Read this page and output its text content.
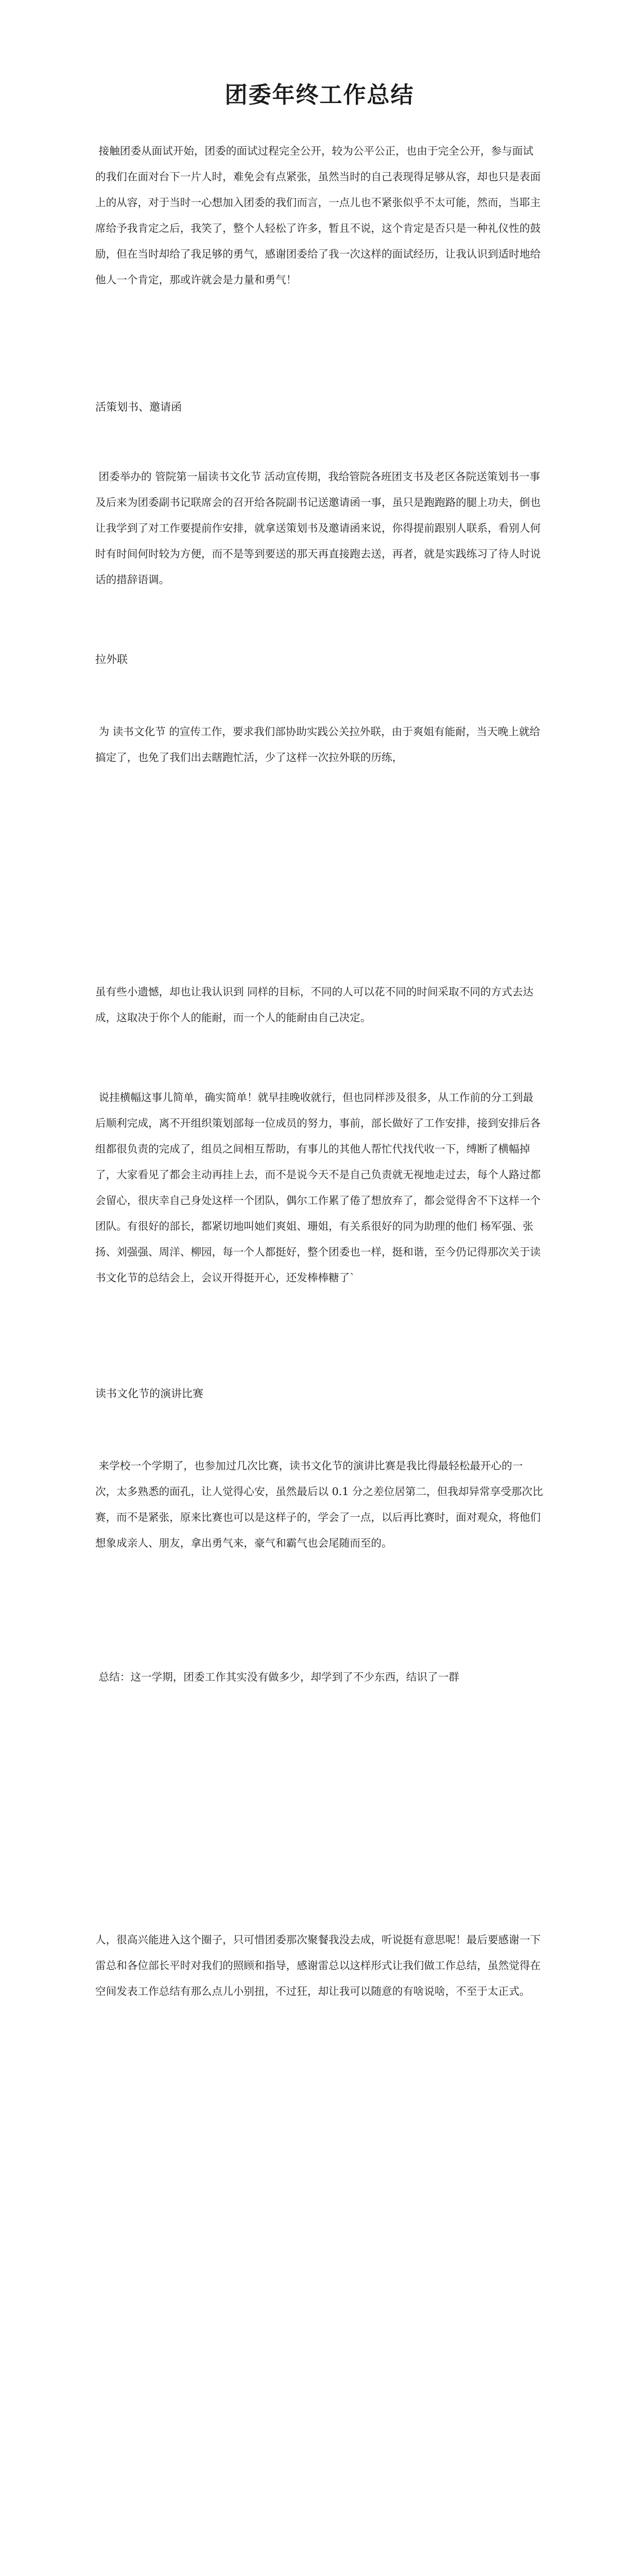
团委年终工作总结

接触团委从面试开始，团委的面试过程完全公开，较为公平公正，也由于完全公开，参与面试的我们在面对台下一片人时，难免会有点紧张，虽然当时的自己表现得足够从容，却也只是表面上的从容，对于当时一心想加入团委的我们而言，一点儿也不紧张似乎不太可能，然而，当耶主席给予我肯定之后，我笑了，整个人轻松了许多，暂且不说，这个肯定是否只是一种礼仪性的鼓励，但在当时却给了我足够的勇气，感谢团委给了我一次这样的面试经历，让我认识到适时地给他人一个肯定，那或许就会是力量和勇气！

活策划书、邀请函

团委举办的 管院第一届读书文化节 活动宣传期，我给管院各班团支书及老区各院送策划书一事及后来为团委副书记联席会的召开给各院副书记送邀请函一事，虽只是跑跑路的腿上功夫，倒也让我学到了对工作要提前作安排，就拿送策划书及邀请函来说，你得提前跟别人联系，看别人何时有时间何时较为方便，而不是等到要送的那天再直接跑去送，再者，就是实践练习了待人时说话的措辞语调。

拉外联

为 读书文化节 的宣传工作，要求我们部协助实践公关拉外联，由于爽姐有能耐，当天晚上就给搞定了，也免了我们出去瞎跑忙活，少了这样一次拉外联的历练，

虽有些小遗憾，却也让我认识到 同样的目标，不同的人可以花不同的时间采取不同的方式去达成，这取决于你个人的能耐，而一个人的能耐由自己决定。

说挂横幅这事儿简单，确实简单！就早挂晚收就行，但也同样涉及很多，从工作前的分工到最后顺利完成，离不开组织策划部每一位成员的努力，事前，部长做好了工作安排，接到安排后各组都很负责的完成了，组员之间相互帮助，有事儿的其他人帮忙代找代收一下，缚断了横幅掉了，大家看见了都会主动再挂上去，而不是说今天不是自己负责就无视地走过去，每个人路过都会留心，很庆幸自己身处这样一个团队，偶尔工作累了倦了想放弃了，都会觉得舍不下这样一个团队。有很好的部长，都紧切地叫她们爽姐、珊姐，有关系很好的同为助理的他们 杨军强、张扬、刘强强、周洋、柳园，每一个人都挺好，整个团委也一样，挺和谐，至今仍记得那次关于读书文化节的总结会上，会议开得挺开心，还发棒棒糖了`

读书文化节的演讲比赛

来学校一个学期了，也参加过几次比赛，读书文化节的演讲比赛是我比得最轻松最开心的一次，太多熟悉的面孔，让人觉得心安，虽然最后以 0.1 分之差位居第二，但我却异常享受那次比赛，而不是紧张，原来比赛也可以是这样子的，学会了一点，以后再比赛时，面对观众，将他们想象成亲人、朋友，拿出勇气来，豪气和霸气也会尾随而至的。

总结：这一学期，团委工作其实没有做多少，却学到了不少东西，结识了一群

人，很高兴能进入这个圈子，只可惜团委那次聚餐我没去成，听说挺有意思呢！最后要感谢一下雷总和各位部长平时对我们的照顾和指导，感谢雷总以这样形式让我们做工作总结，虽然觉得在空间发表工作总结有那么点儿小别扭，不过狂，却让我可以随意的有啥说啥，不至于太正式。
